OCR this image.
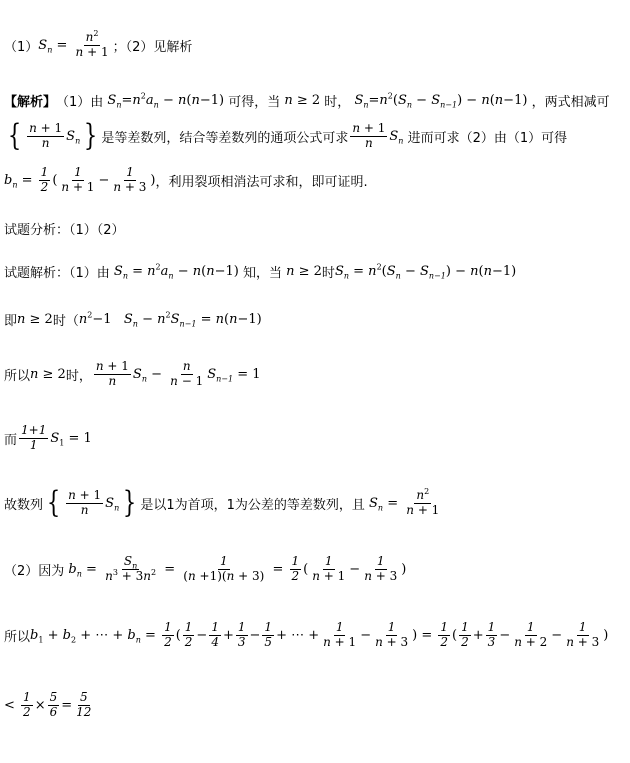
（1） $S_n = \frac{n^2}{n + 1}$ ；（2）见解析
【解析】 （1）由 $S_n=n^2a_n - n(n-1)$ 可得，当 n ≥ 2 时， $S_n=n^2(S_n - S_{n-1}) - n(n-1)$ ，两式相减可
{ $\frac{n + 1}{n} S_n$ } 是等差数列，结合等差数列的通项公式可求 $\frac{n + 1}{n} S_n$ 进而可求（2）由（1）可得
$b_n = \frac{1}{2}$ ( $\frac{1}{n + 1} - \frac{1}{n + 3}$ ) ，利用裂项相消法可求和，即可证明.
试题分析：（1）（2）
试题解析：（1）由 $S_n = n^2a_n - n(n-1)$ 知，当 n ≥ 2 时 $S_n = n^2(S_n - S_{n-1}) - n(n-1)$
即 n ≥ 2 时（ $n^2 -1$ $S_n - n^2S_{n-1} = n(n-1)$
所以 n ≥ 2 时， $\frac{n + 1}{n} S_n - \frac{n}{n - 1} S_{n-1} = 1$
而 $\frac{1+1}{1} S_1 = 1$
故数列 { $\frac{n + 1}{n} S_n$ } 是以1为首项，1为公差的等差数列，且 $S_n = \frac{n^2}{n + 1}$
（2）因为 $b_n = \frac{S_n}{n^3 + 3n^2} = \frac{1}{(n +1)(n + 3)} = \frac{1}{2}$ ( $\frac{1}{n + 1} - \frac{1}{n + 3}$ )
所以 $b_1 + b_2$ + ⋯ + $b_n = \frac{1}{2}$ ( $\frac{1}{2} - \frac{1}{4} + \frac{1}{3} - \frac{1}{5}$ + ⋯ + $\frac{1}{n + 1} - \frac{1}{n + 3}$ ) = $\frac{1}{2}$ ( $\frac{1}{2} + \frac{1}{3} - \frac{1}{n + 2} - \frac{1}{n + 3}$ )
< $\frac{1}{2} \times \frac{5}{6} = \frac{5}{12}$
